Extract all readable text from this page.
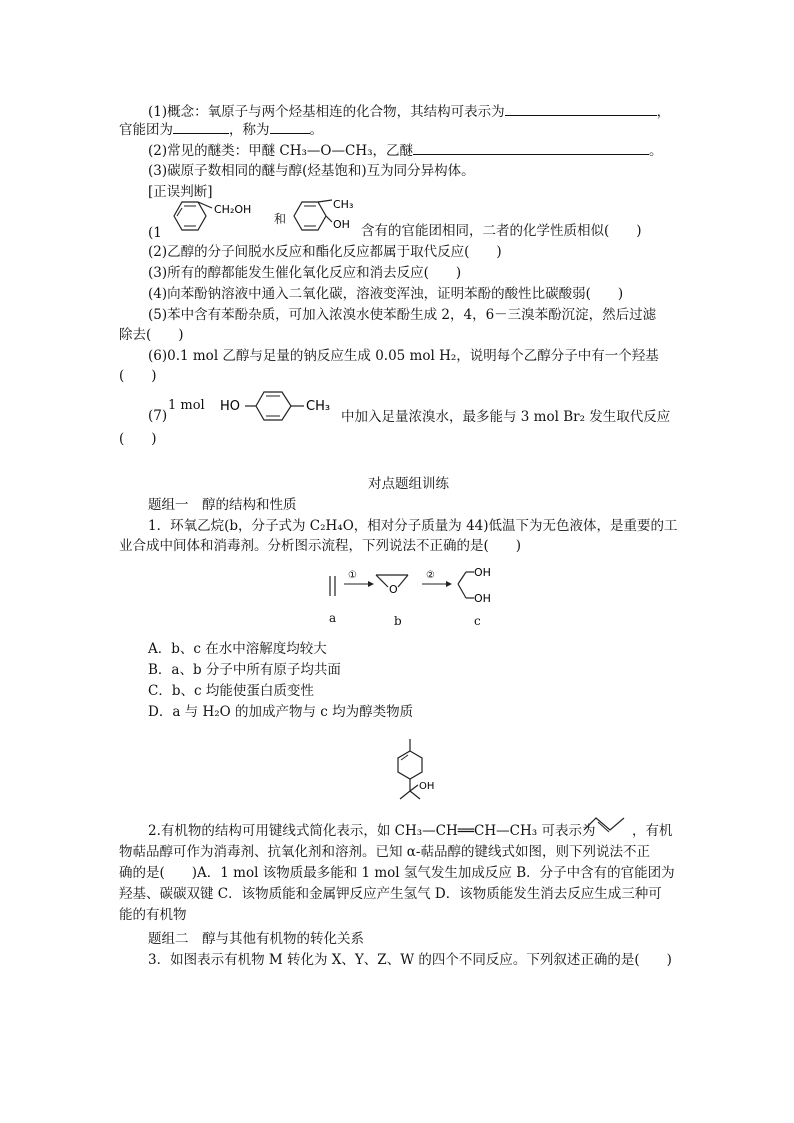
(1)概念：氧原子与两个烃基相连的化合物，其结构可表示为	，
官能团为	，称为	。
(2)常见的醚类：甲醚 CH₃—O—CH₃，乙醚	。
(3)碳原子数相同的醚与醇(烃基饱和)互为同分异构体。
[正误判断]
(1
CH₂OH
和
CH₃
OH 含有的官能团相同，二者的化学性质相似(　　)
(2)乙醇的分子间脱水反应和酯化反应都属于取代反应(　　)
(3)所有的醇都能发生催化氧化反应和消去反应(　　)
(4)向苯酚钠溶液中通入二氧化碳，溶液变浑浊，证明苯酚的酸性比碳酸弱(　　)
(5)苯中含有苯酚杂质，可加入浓溴水使苯酚生成 2，4，6－三溴苯酚沉淀，然后过滤
除去(　　)
(6)0.1 mol 乙醇与足量的钠反应生成 0.05 mol H₂，说明每个乙醇分子中有一个羟基
(　　)
(7)
1 mol HO	CH₃
中加入足量浓溴水，最多能与 3 mol Br₂ 发生取代反应
(　　)
对点题组训练
题组一　醇的结构和性质
1．环氧乙烷(b，分子式为 C₂H₄O，相对分子质量为 44)低温下为无色液体，是重要的工
业合成中间体和消毒剂。分析图示流程，下列说法不正确的是(　　)
①
O
②	OH
OH
a	b	c
A．b、c 在水中溶解度均较大
B．a、b 分子中所有原子均共面
C．b、c 均能使蛋白质变性
D．a 与 H₂O 的加成产物与 c 均为醇类物质
OH
2.有机物的结构可用键线式简化表示，如 CH₃—CH══CH—CH₃ 可表示为	，有机
物萜品醇可作为消毒剂、抗氧化剂和溶剂。已知 α-萜品醇的键线式如图，则下列说法不正
确的是(　　)A．1 mol 该物质最多能和 1 mol 氢气发生加成反应 B．分子中含有的官能团为
羟基、碳碳双键 C．该物质能和金属钾反应产生氢气 D．该物质能发生消去反应生成三种可
能的有机物
题组二　醇与其他有机物的转化关系
3．如图表示有机物 M 转化为 X、Y、Z、W 的四个不同反应。下列叙述正确的是(　　)
